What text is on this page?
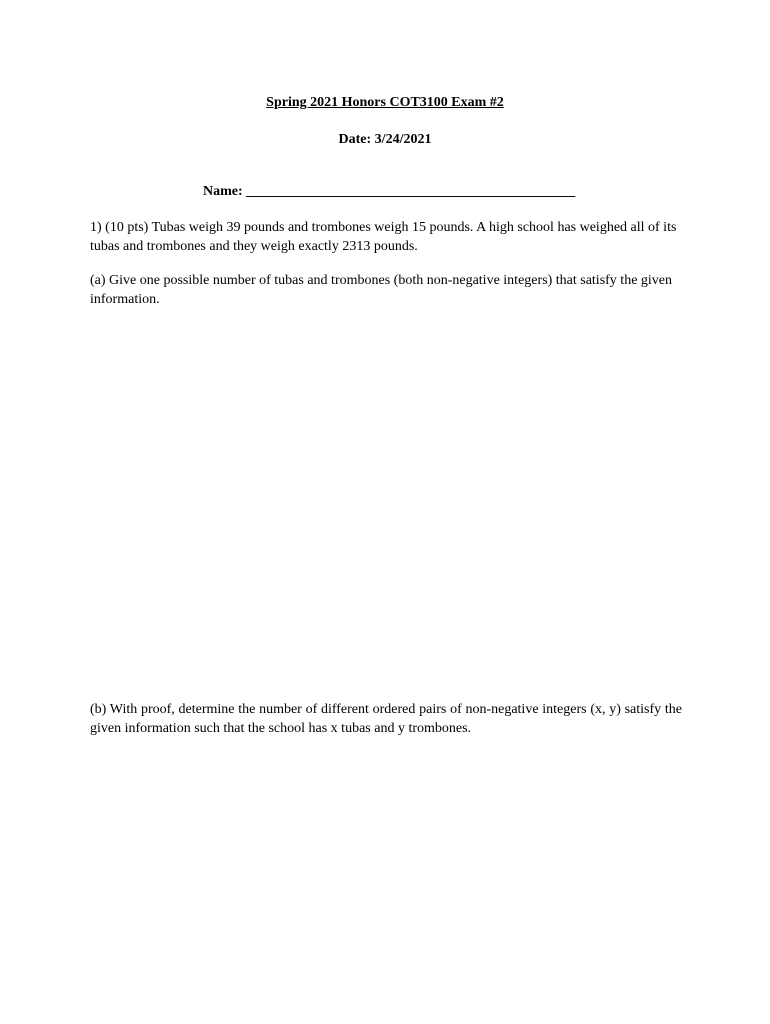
Spring 2021 Honors COT3100 Exam #2
Date: 3/24/2021
Name: _______________________________________________
1) (10 pts) Tubas weigh 39 pounds and trombones weigh 15 pounds. A high school has weighed all of its tubas and trombones and they weigh exactly 2313 pounds.
(a) Give one possible number of tubas and trombones (both non-negative integers) that satisfy the given information.
(b) With proof, determine the number of different ordered pairs of non-negative integers (x, y) satisfy the given information such that the school has x tubas and y trombones.
